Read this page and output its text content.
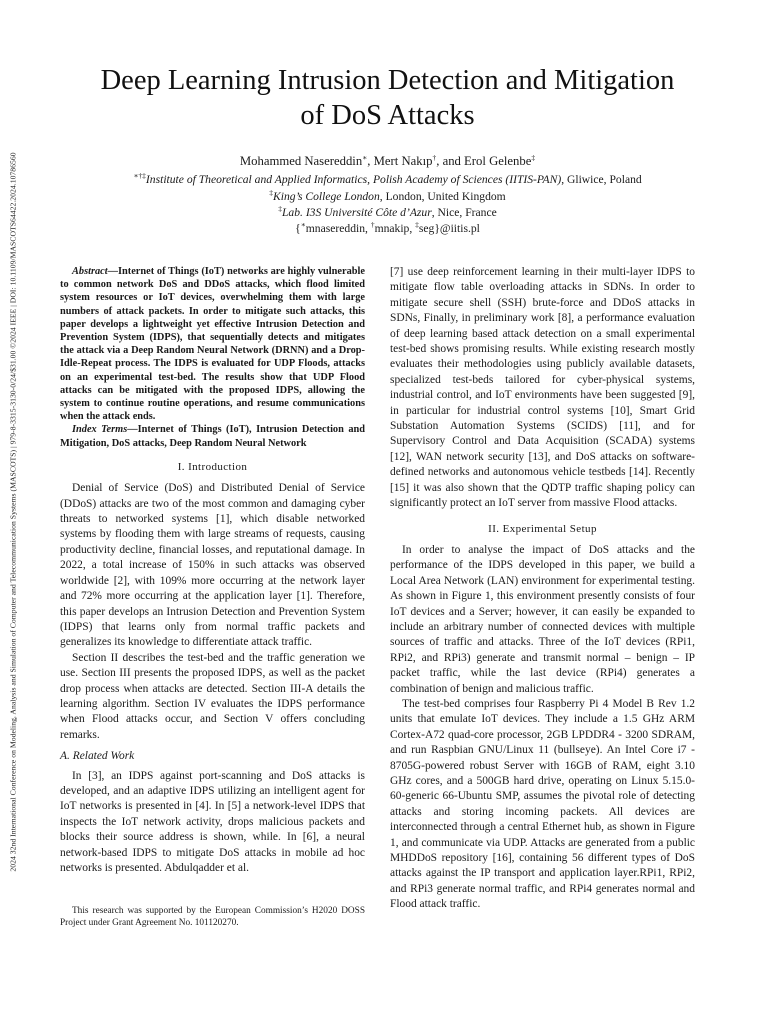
2024 32nd International Conference on Modeling, Analysis and Simulation of Computer and Telecommunication Systems (MASCOTS) | 979-8-3315-3130-0/24/$31.00 ©2024 IEEE | DOI: 10.1109/MASCOTS64422.2024.10786560
Deep Learning Intrusion Detection and Mitigation
of DoS Attacks
Mohammed Nasereddin∗, Mert Nakıp†, and Erol Gelenbe‡
∗†‡Institute of Theoretical and Applied Informatics, Polish Academy of Sciences (IITIS-PAN), Gliwice, Poland
‡King’s College London, London, United Kingdom
‡Lab. I3S Université Côte d’Azur, Nice, France
{∗mnasereddin, †mnakip, ‡seg}@iitis.pl

Abstract—Internet of Things (IoT) networks are highly vulnerable to common network DoS and DDoS attacks, which flood limited system resources or IoT devices, overwhelming them with large numbers of attack packets. In order to mitigate such attacks, this paper develops a lightweight yet effective Intrusion Detection and Prevention System (IDPS), that sequentially detects and mitigates the attack via a Deep Random Neural Network (DRNN) and a Drop-Idle-Repeat process. The IDPS is evaluated for UDP Floods, attacks on an experimental test-bed. The results show that UDP Flood attacks can be mitigated with the proposed IDPS, allowing the system to continue routine operations, and resume communications when the attack ends.

Index Terms—Internet of Things (IoT), Intrusion Detection and Mitigation, DoS attacks, Deep Random Neural Network

I. Introduction

Denial of Service (DoS) and Distributed Denial of Service (DDoS) attacks are two of the most common and damaging cyber threats to networked systems [1], which disable networked systems by flooding them with large streams of requests, causing productivity decline, financial losses, and reputational damage. In 2022, a total increase of 150% in such attacks was observed worldwide [2], with 109% more occurring at the network layer and 72% more occurring at the application layer [1]. Therefore, this paper develops an Intrusion Detection and Prevention System (IDPS) that learns only from normal traffic packets and generalizes its knowledge to differentiate attack traffic.

Section II describes the test-bed and the traffic generation we use. Section III presents the proposed IDPS, as well as the packet drop process when attacks are detected. Section III-A details the learning algorithm. Section IV evaluates the IDPS performance when Flood attacks occur, and Section V offers concluding remarks.

A. Related Work

In [3], an IDPS against port-scanning and DoS attacks is developed, and an adaptive IDPS utilizing an intelligent agent for IoT networks is presented in [4]. In [5] a network-level IDPS that inspects the IoT network activity, drops malicious packets and blocks their source address is shown, while. In [6], a neural network-based IDPS to mitigate DoS attacks in mobile ad hoc networks is presented. Abdulqadder et al.

This research was supported by the European Commission’s H2020 DOSS Project under Grant Agreement No. 101120270.

[7] use deep reinforcement learning in their multi-layer IDPS to mitigate flow table overloading attacks in SDNs. In order to mitigate secure shell (SSH) brute-force and DDoS attacks in SDNs, Finally, in preliminary work [8], a performance evaluation of deep learning based attack detection on a small experimental test-bed shows promising results. While existing research mostly evaluates their methodologies using publicly available datasets, specialized test-beds tailored for cyber-physical systems, industrial control, and IoT environments have been suggested [9], in particular for industrial control systems [10], Smart Grid Substation Automation Systems (SCIDS) [11], and for Supervisory Control and Data Acquisition (SCADA) systems [12], WAN network security [13], and DoS attacks on software-defined networks and autonomous vehicle testbeds [14]. Recently [15] it was also shown that the QDTP traffic shaping policy can significantly protect an IoT server from massive Flood attacks.

II. Experimental Setup

In order to analyse the impact of DoS attacks and the performance of the IDPS developed in this paper, we build a Local Area Network (LAN) environment for experimental testing. As shown in Figure 1, this environment presently consists of four IoT devices and a Server; however, it can easily be expanded to include an arbitrary number of connected devices with multiple sources of traffic and attacks. Three of the IoT devices (RPi1, RPi2, and RPi3) generate and transmit normal – benign – IP packet traffic, while the last device (RPi4) generates a combination of benign and malicious traffic.

The test-bed comprises four Raspberry Pi 4 Model B Rev 1.2 units that emulate IoT devices. They include a 1.5 GHz ARM Cortex-A72 quad-core processor, 2GB LPDDR4 - 3200 SDRAM, and run Raspbian GNU/Linux 11 (bullseye). An Intel Core i7 - 8705G-powered robust Server with 16GB of RAM, eight 3.10 GHz cores, and a 500GB hard drive, operating on Linux 5.15.0-60-generic 66-Ubuntu SMP, assumes the pivotal role of detecting attacks and storing incoming packets. All devices are interconnected through a central Ethernet hub, as shown in Figure 1, and communicate via UDP. Attacks are generated from a public MHDDoS repository [16], containing 56 different types of DoS attacks against the IP transport and application layer.RPi1, RPi2, and RPi3 generate normal traffic, and RPi4 generates normal and Flood attack traffic.
